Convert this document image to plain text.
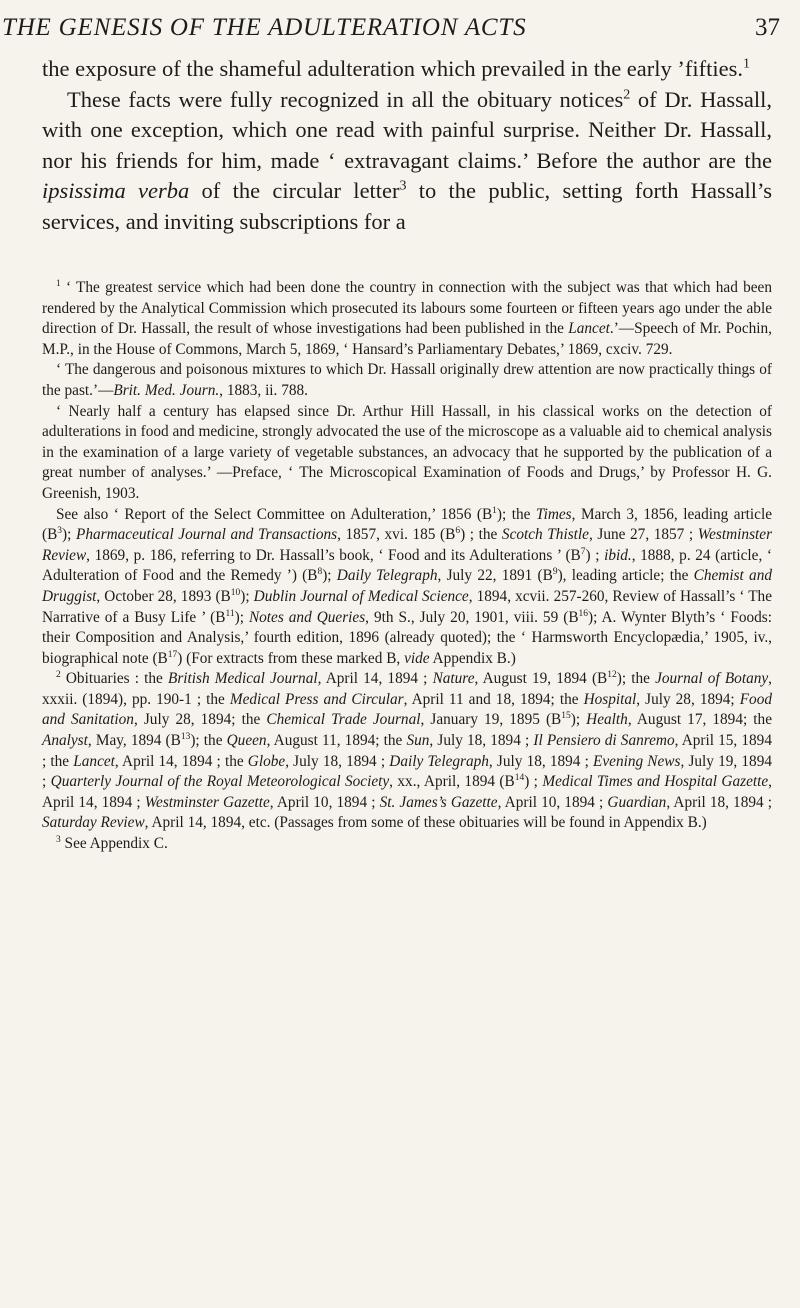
THE GENESIS OF THE ADULTERATION ACTS	37

the exposure of the shameful adulteration which prevailed in the early ’fifties.$^1$

These facts were fully recognized in all the obituary notices$^2$ of Dr. Hassall, with one exception, which one read with painful surprise. Neither Dr. Hassall, nor his friends for him, made ‘ extravagant claims.’ Before the author are the ipsissima verba of the circular letter$^3$ to the public, setting forth Hassall’s services, and inviting subscriptions for a

$^1$ ‘ The greatest service which had been done the country in connection with the subject was that which had been rendered by the Analytical Commission which prosecuted its labours some fourteen or fifteen years ago under the able direction of Dr. Hassall, the result of whose investigations had been published in the Lancet.’—Speech of Mr. Pochin, M.P., in the House of Commons, March 5, 1869, ‘ Hansard’s Parliamentary Debates,’ 1869, cxciv. 729.

‘ The dangerous and poisonous mixtures to which Dr. Hassall originally drew attention are now practically things of the past.’—Brit. Med. Journ., 1883, ii. 788.

‘ Nearly half a century has elapsed since Dr. Arthur Hill Hassall, in his classical works on the detection of adulterations in food and medicine, strongly advocated the use of the microscope as a valuable aid to chemical analysis in the examination of a large variety of vegetable substances, an advocacy that he supported by the publication of a great number of analyses.’ —Preface, ‘ The Microscopical Examination of Foods and Drugs,’ by Professor H. G. Greenish, 1903.

See also ‘ Report of the Select Committee on Adulteration,’ 1856 $(B^1)$; the Times, March 3, 1856, leading article $(B^3)$; Pharmaceutical Journal and Transactions, 1857, xvi. 185 $(B^6)$ ; the Scotch Thistle, June 27, 1857 ; Westminster Review, 1869, p. 186, referring to Dr. Hassall’s book, ‘ Food and its Adulterations ’ $(B^7)$ ; ibid., 1888, p. 24 (article, ‘ Adulteration of Food and the Remedy ’) $(B^8)$; Daily Telegraph, July 22, 1891 $(B^9)$, leading article; the Chemist and Druggist, October 28, 1893 $(B^{10})$; Dublin Journal of Medical Science, 1894, xcvii. 257-260, Review of Hassall’s ‘ The Narrative of a Busy Life ’ $(B^{11})$; Notes and Queries, 9th S., July 20, 1901, viii. 59 $(B^{16})$; A. Wynter Blyth’s ‘ Foods: their Composition and Analysis,’ fourth edition, 1896 (already quoted); the ‘ Harmsworth Encyclopædia,’ 1905, iv., biographical note $(B^{17})$ (For extracts from these marked B, vide Appendix B.)

$^2$ Obituaries : the British Medical Journal, April 14, 1894 ; Nature, August 19, 1894 $(B^{12})$; the Journal of Botany, xxxii. (1894), pp. 190-1 ; the Medical Press and Circular, April 11 and 18, 1894; the Hospital, July 28, 1894; Food and Sanitation, July 28, 1894; the Chemical Trade Journal, January 19, 1895 $(B^{15})$; Health, August 17, 1894; the Analyst, May, 1894 $(B^{13})$; the Queen, August 11, 1894; the Sun, July 18, 1894 ; Il Pensiero di Sanremo, April 15, 1894 ; the Lancet, April 14, 1894 ; the Globe, July 18, 1894 ; Daily Telegraph, July 18, 1894 ; Evening News, July 19, 1894 ; Quarterly Journal of the Royal Meteorological Society, xx., April, 1894 $(B^{14})$ ; Medical Times and Hospital Gazette, April 14, 1894 ; Westminster Gazette, April 10, 1894 ; St. James’s Gazette, April 10, 1894 ; Guardian, April 18, 1894 ; Saturday Review, April 14, 1894, etc. (Passages from some of these obituaries will be found in Appendix B.)

$^3$ See Appendix C.
